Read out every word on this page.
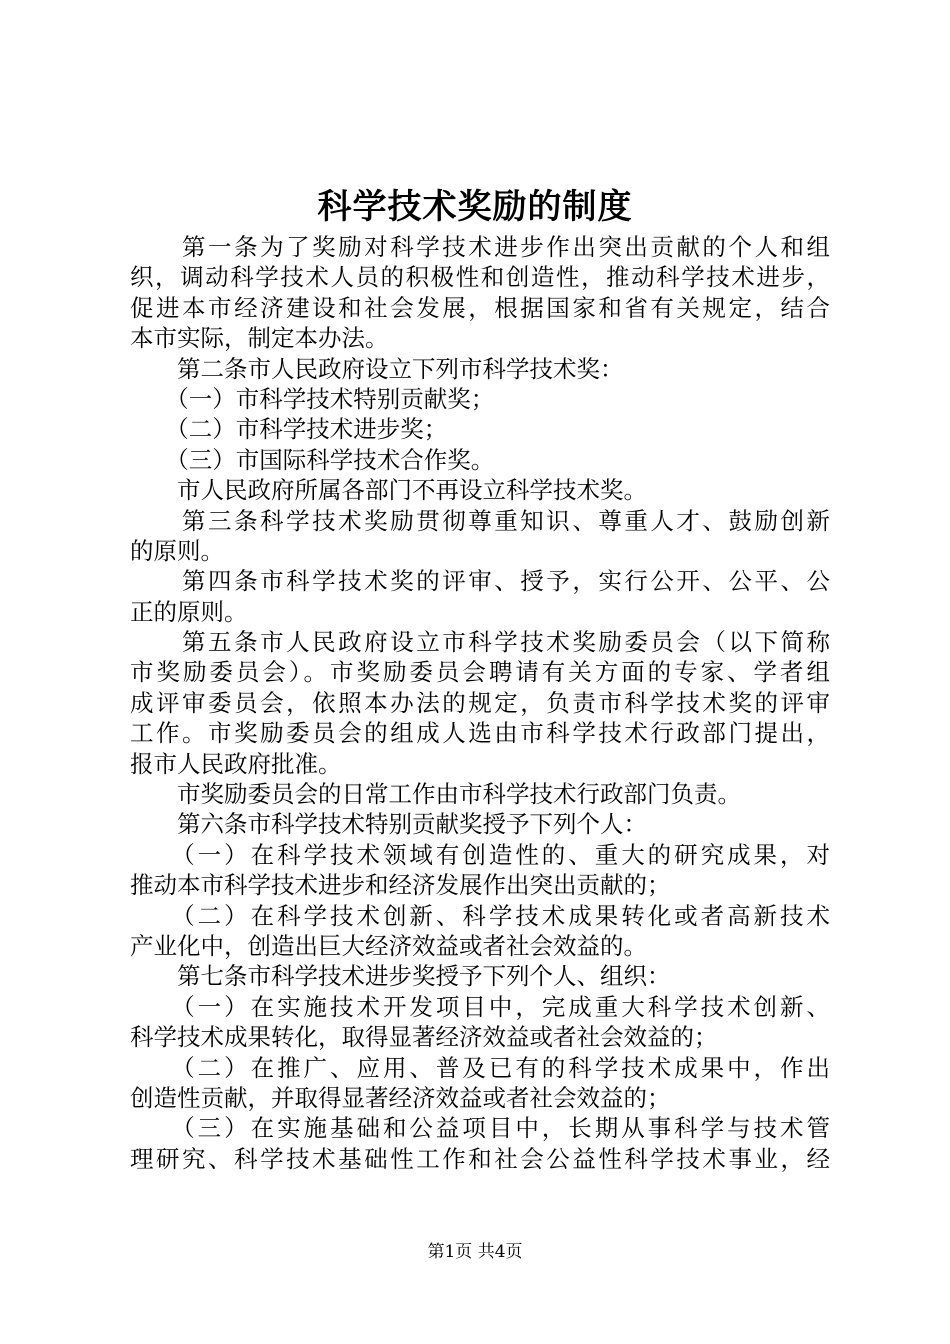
科学技术奖励的制度
　　第一条为了奖励对科学技术进步作出突出贡献的个人和组
织，调动科学技术人员的积极性和创造性，推动科学技术进步，
促进本市经济建设和社会发展，根据国家和省有关规定，结合
本市实际，制定本办法。
　　第二条市人民政府设立下列市科学技术奖：
　　（一）市科学技术特别贡献奖；
　　（二）市科学技术进步奖；
　　（三）市国际科学技术合作奖。
　　市人民政府所属各部门不再设立科学技术奖。
　　第三条科学技术奖励贯彻尊重知识、尊重人才、鼓励创新
的原则。
　　第四条市科学技术奖的评审、授予，实行公开、公平、公
正的原则。
　　第五条市人民政府设立市科学技术奖励委员会（以下简称
市奖励委员会）。市奖励委员会聘请有关方面的专家、学者组
成评审委员会，依照本办法的规定，负责市科学技术奖的评审
工作。市奖励委员会的组成人选由市科学技术行政部门提出，
报市人民政府批准。
　　市奖励委员会的日常工作由市科学技术行政部门负责。
　　第六条市科学技术特别贡献奖授予下列个人：
　　（一）在科学技术领域有创造性的、重大的研究成果，对
推动本市科学技术进步和经济发展作出突出贡献的；
　　（二）在科学技术创新、科学技术成果转化或者高新技术
产业化中，创造出巨大经济效益或者社会效益的。
　　第七条市科学技术进步奖授予下列个人、组织：
　　（一）在实施技术开发项目中，完成重大科学技术创新、
科学技术成果转化，取得显著经济效益或者社会效益的；
　　（二）在推广、应用、普及已有的科学技术成果中，作出
创造性贡献，并取得显著经济效益或者社会效益的；
　　（三）在实施基础和公益项目中，长期从事科学与技术管
理研究、科学技术基础性工作和社会公益性科学技术事业，经
第1页 共4页
